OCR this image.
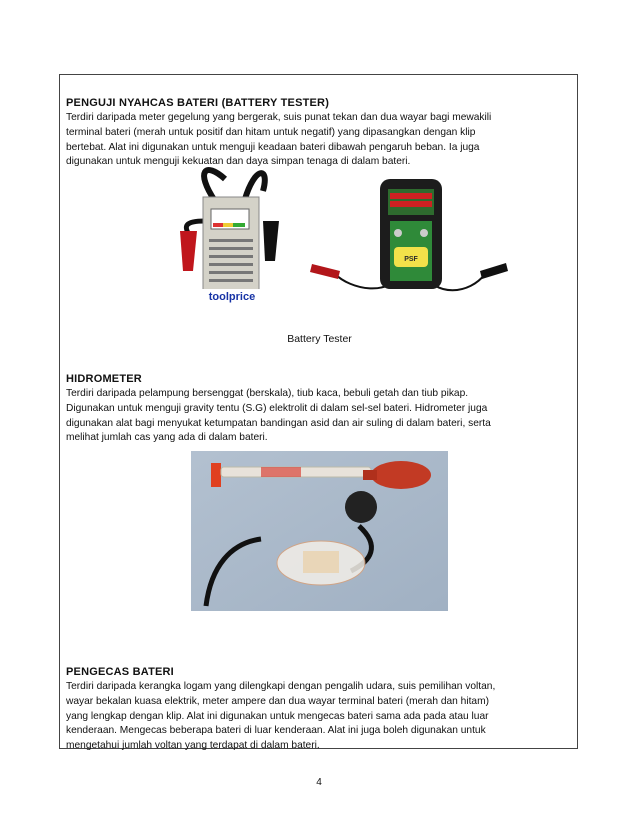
PENGUJI NYAHCAS BATERI (BATTERY TESTER)

Terdiri daripada meter gegelung yang bergerak, suis punat tekan dan dua wayar bagi mewakili

terminal bateri (merah untuk positif dan hitam untuk negatif) yang dipasangkan dengan klip

bertebat. Alat ini digunakan untuk menguji keadaan bateri dibawah pengaruh beban. Ia juga

digunakan untuk menguji kekuatan dan daya simpan tenaga di dalam bateri.

toolprice
PSF
Battery Tester
HIDROMETER

Terdiri daripada pelampung bersenggat (berskala), tiub kaca, bebuli getah dan tiub pikap.

Digunakan untuk menguji gravity tentu (S.G) elektrolit di dalam sel-sel bateri. Hidrometer juga

digunakan alat bagi menyukat ketumpatan bandingan asid dan air suling di dalam bateri, serta

melihat jumlah cas yang ada di dalam bateri.

PENGECAS BATERI

Terdiri daripada kerangka logam yang dilengkapi dengan pengalih udara, suis pemilihan voltan,

wayar bekalan kuasa elektrik, meter ampere dan dua wayar terminal bateri (merah dan hitam)

yang lengkap dengan klip. Alat ini digunakan untuk mengecas bateri sama ada pada atau luar

kenderaan. Mengecas beberapa bateri di luar kenderaan. Alat ini juga boleh digunakan untuk

mengetahui jumlah voltan yang terdapat di dalam bateri.

4
